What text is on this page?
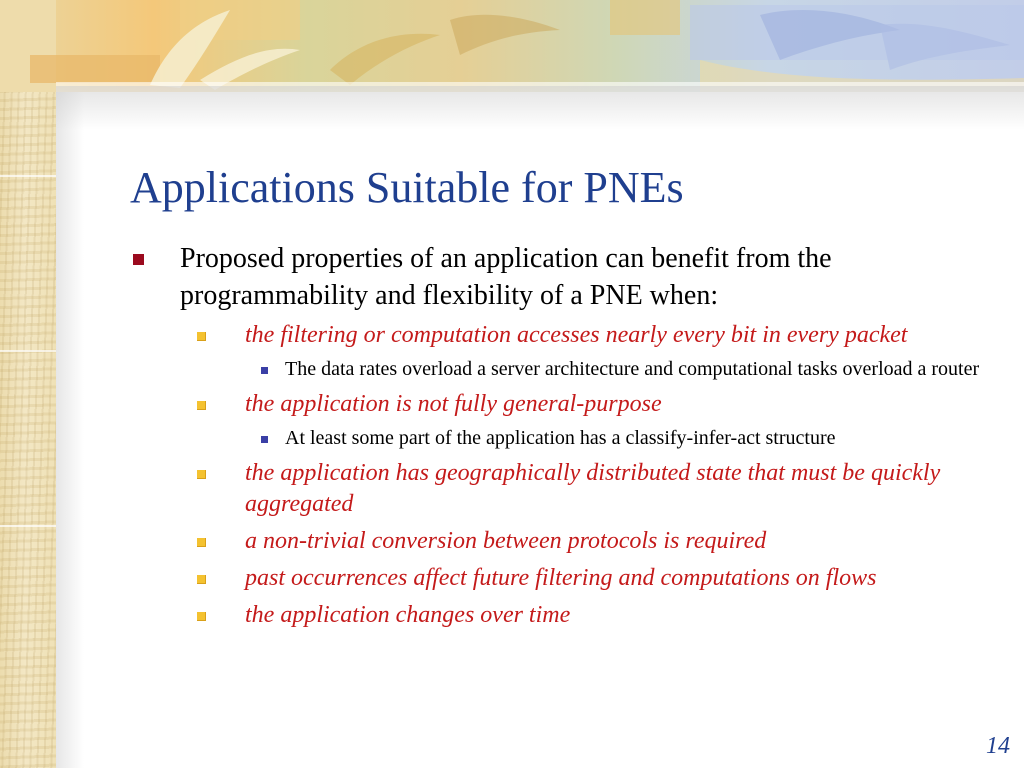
Applications Suitable for PNEs
Proposed properties of an application can benefit from the programmability and flexibility of a PNE when:
the filtering or computation accesses nearly every bit in every packet
The data rates overload a server architecture and computational tasks overload a router
the application is not fully general-purpose
At least some part of the application has a classify-infer-act structure
the application has geographically distributed state that must be quickly aggregated
a non-trivial conversion between protocols is required
past occurrences affect future filtering and computations on flows
the application changes over time
14
